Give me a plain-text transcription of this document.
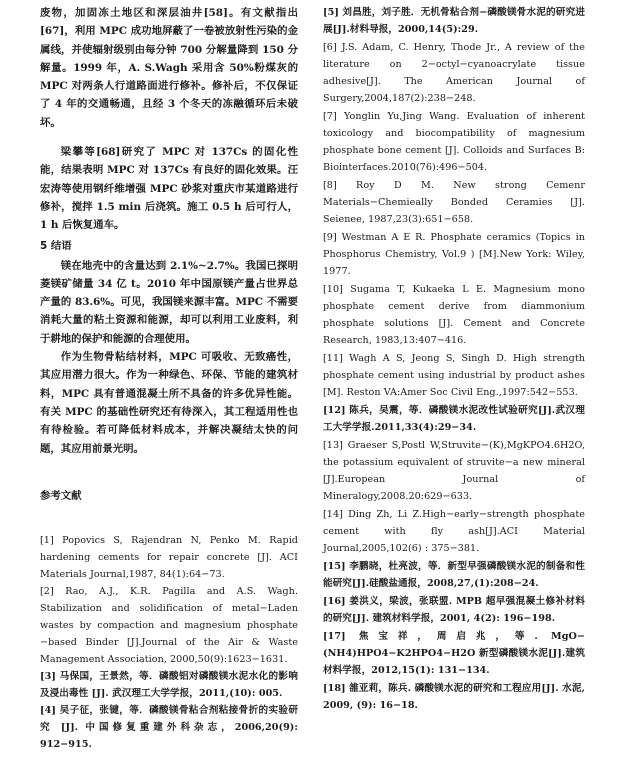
废物，加固冻土地区和深层油井[58]。有文献指出[67]，利用 MPC 成功地屏蔽了一卷被放射性污染的金属线，并使辐射级别由每分钟 700 分解量降到 150 分解量。1999 年，A. S.Wagh 采用含 50%粉煤灰的 MPC 对两条人行道路面进行修补。修补后，不仅保证了 4 年的交通畅通，且经 3 个冬天的冻融循环后未破坏。

梁攀等[68]研究了 MPC 对 137Cs 的固化性能，结果表明 MPC 对 137Cs 有良好的固化效果。汪宏涛等使用钢纤维增强 MPC 砂浆对重庆市某道路进行修补，搅拌 1.5 min 后浇筑。施工 0.5 h 后可行人，1 h 后恢复通车。

5 结语

镁在地壳中的含量达到 2.1%~2.7%。我国已探明菱镁矿储量 34 亿 t。2010 年中国原镁产量占世界总产量的 83.6%。可见，我国镁来源丰富。MPC 不需要消耗大量的粘土资源和能源，却可以利用工业废料，利于耕地的保护和能源的合理使用。

作为生物骨粘结材料，MPC 可吸收、无致癌性，其应用潜力很大。作为一种绿色、环保、节能的建筑材料，MPC 具有普通混凝土所不具备的许多优异性能。有关 MPC 的基础性研究还有待深入，其工程适用性也有待检验。若可降低材料成本，并解决凝结太快的问题，其应用前景光明。

参考文献

[1] Popovics S, Rajendran N, Penko M. Rapid hardening cements for repair concrete [J]. ACI Materials Journal,1987, 84(1):64−73.

[2] Rao, A.J., K.R. Pagilla and A.S. Wagh. Stabilization and solidification of metal−Laden wastes by compaction and magnesium phosphate −based Binder [J].Journal of the Air & Waste Management Association, 2000,50(9):1623−1631.

[3] 马保国，王景然，等．磷酸铝对磷酸镁水泥水化的影响及浸出毒性 [J]. 武汉理工大学学报，2011,(10): 005.

[4] 吴子征，张键，等．磷酸镁骨粘合剂粘接骨折的实验研究 [J]. 中国修复重建外科杂志，2006,20(9): 912−915.

[5] 刘昌胜，刘子胜．无机骨粘合剂−磷酸镁骨水泥的研究进展[J].材料导报，2000,14(5):29.

[6] J.S. Adam, C. Henry, Thode Jr., A review of the literature on 2−octyl−cyanoacrylate tissue adhesive[J]. The American Journal of Surgery,2004,187(2):238−248.

[7] Yonglin Yu,Jing Wang. Evaluation of inherent toxicology and biocompatibility of magnesium phosphate bone cement [J]. Colloids and Surfaces B: Biointerfaces.2010(76):496−504.

[8] Roy D M. New strong Cemenr Materials−Chemieally Bonded Ceramies [J]. Seienee, 1987,23(3):651−658.

[9] Westman A E R. Phosphate ceramics (Topics in Phosphorus Chemistry, Vol.9 ) [M].New York: Wiley, 1977.

[10] Sugama T, Kukaeka L E. Magnesium mono phosphate cement derive from diammonium phosphate solutions [J]. Cement and Concrete Research, 1983,13:407−416.

[11] Wagh A S, Jeong S, Singh D. High strength phosphate cement using industrial by product ashes [M]. Reston VA:Amer Soc Civil Eng.,1997:542−553.

[12] 陈兵，吴震，等．磷酸镁水泥改性试验研究[J].武汉理工大学学报.2011,33(4):29−34.

[13] Graeser S,Postl W,Struvite−(K),MgKPO4.6H2O, the potassium equivalent of struvite−a new mineral [J].European Journal of Mineralogy,2008.20:629−633.

[14] Ding Zh, Li Z.High−early−strength phosphate cement with fly ash[J].ACI Material Journal,2005,102(6) : 375−381.

[15] 李鹏晓，杜亮波，等．新型早强磷酸镁水泥的制备和性能研究[J].硅酸盐通报，2008,27,(1):208−24.

[16] 姜洪义，梁波，张联盟. MPB 超早强混凝土修补材料的研究[J]. 建筑材料学报，2001, 4(2): 196−198.

[17] 焦宝祥，周启兆，等. MgO−(NH4)HPO4−K2HPO4−H2O 新型磷酸镁水泥[J].建筑材料学报，2012,15(1): 131−134.

[18] 雒亚莉，陈兵. 磷酸镁水泥的研究和工程应用[J]. 水泥, 2009, (9): 16−18.
